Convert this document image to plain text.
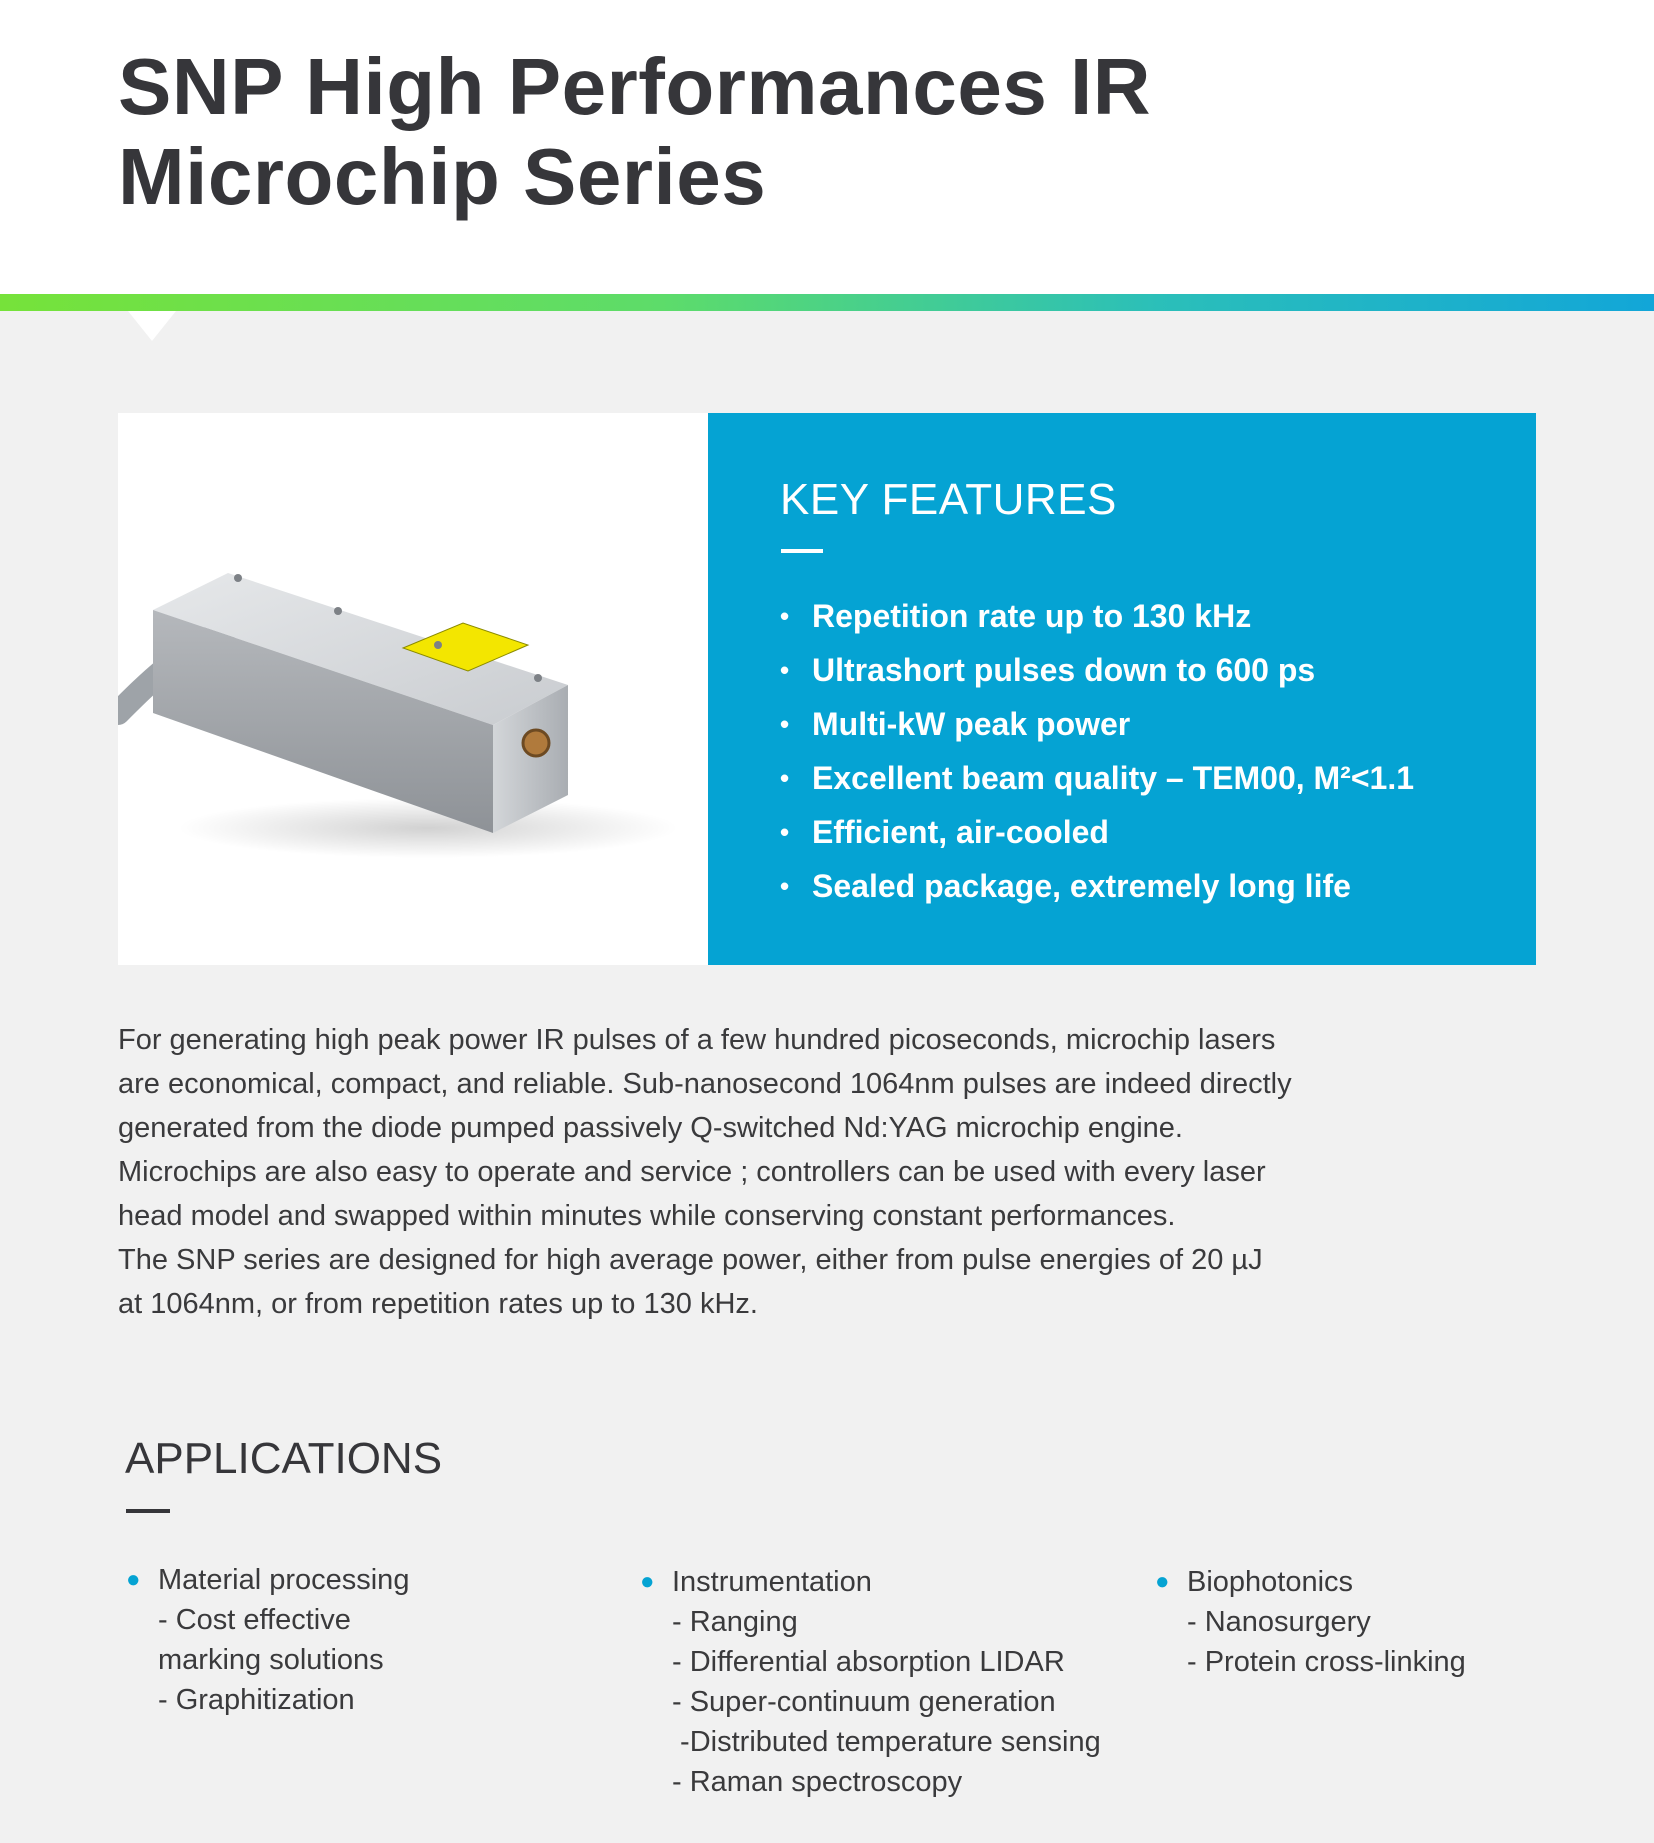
SNP High Performances IR
Microchip Series
KEY FEATURES
• Repetition rate up to 130 kHz
• Ultrashort pulses down to 600 ps
• Multi-kW peak power
• Excellent beam quality – TEM00, M²<1.1
• Efficient, air-cooled
• Sealed package, extremely long life

For generating high peak power IR pulses of a few hundred picoseconds, microchip lasers

are economical, compact, and reliable. Sub-nanosecond 1064nm pulses are indeed directly

generated from the diode pumped passively Q-switched Nd:YAG microchip engine.

Microchips are also easy to operate and service ; controllers can be used with every laser

head model and swapped within minutes while conserving constant performances.

The SNP series are designed for high average power, either from pulse energies of 20 µJ

at 1064nm, or from repetition rates up to 130 kHz.

APPLICATIONS
● Material processing
- Cost effective
marking solutions
- Graphitization
● Instrumentation
- Ranging
- Differential absorption LIDAR
- Super-continuum generation
-Distributed temperature sensing
- Raman spectroscopy
● Biophotonics
- Nanosurgery
- Protein cross-linking
